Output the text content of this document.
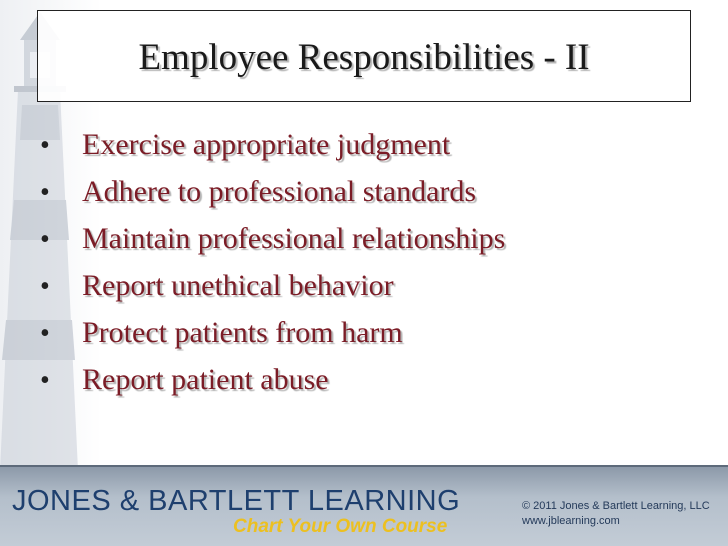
Employee Responsibilities - II
•	Exercise appropriate judgment
•	Adhere to professional standards
•	Maintain professional relationships
•	Report unethical behavior
•	Protect patients from harm
•	Report patient abuse
JONES & BARTLETT LEARNING
Chart Your Own Course
© 2011 Jones & Bartlett Learning, LLC
www.jblearning.com
